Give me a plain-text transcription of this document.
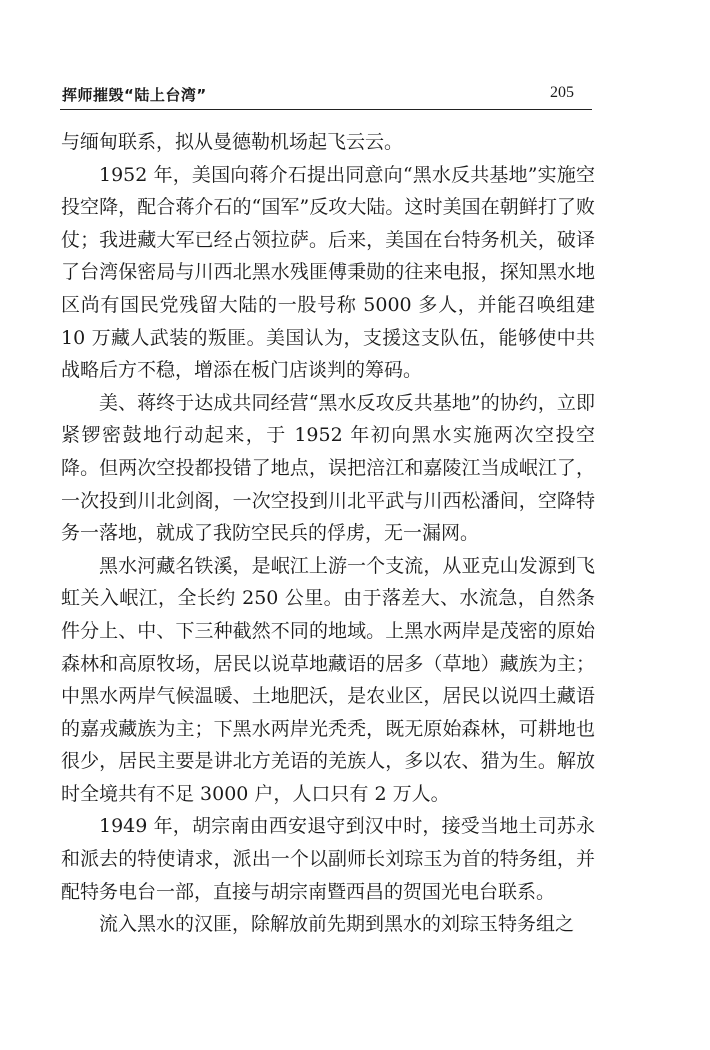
挥师摧毁“陆上台湾”	205

与缅甸联系，拟从曼德勒机场起飞云云。

1952 年，美国向蒋介石提出同意向“黑水反共基地”实施空投空降，配合蒋介石的“国军”反攻大陆。这时美国在朝鲜打了败仗；我进藏大军已经占领拉萨。后来，美国在台特务机关，破译了台湾保密局与川西北黑水残匪傅秉勋的往来电报，探知黑水地区尚有国民党残留大陆的一股号称 5000 多人，并能召唤组建 10 万藏人武装的叛匪。美国认为，支援这支队伍，能够使中共战略后方不稳，增添在板门店谈判的筹码。

美、蒋终于达成共同经营“黑水反攻反共基地”的协约，立即紧锣密鼓地行动起来，于 1952 年初向黑水实施两次空投空降。但两次空投都投错了地点，误把涪江和嘉陵江当成岷江了，一次投到川北剑阁，一次空投到川北平武与川西松潘间，空降特务一落地，就成了我防空民兵的俘虏，无一漏网。

黑水河藏名铁溪，是岷江上游一个支流，从亚克山发源到飞虹关入岷江，全长约 250 公里。由于落差大、水流急，自然条件分上、中、下三种截然不同的地域。上黑水两岸是茂密的原始森林和高原牧场，居民以说草地藏语的居多（草地）藏族为主；中黑水两岸气候温暖、土地肥沃，是农业区，居民以说四土藏语的嘉戎藏族为主；下黑水两岸光秃秃，既无原始森林，可耕地也很少，居民主要是讲北方羌语的羌族人，多以农、猎为生。解放时全境共有不足 3000 户，人口只有 2 万人。

1949 年，胡宗南由西安退守到汉中时，接受当地土司苏永和派去的特使请求，派出一个以副师长刘琮玉为首的特务组，并配特务电台一部，直接与胡宗南暨西昌的贺国光电台联系。

流入黑水的汉匪，除解放前先期到黑水的刘琮玉特务组之
